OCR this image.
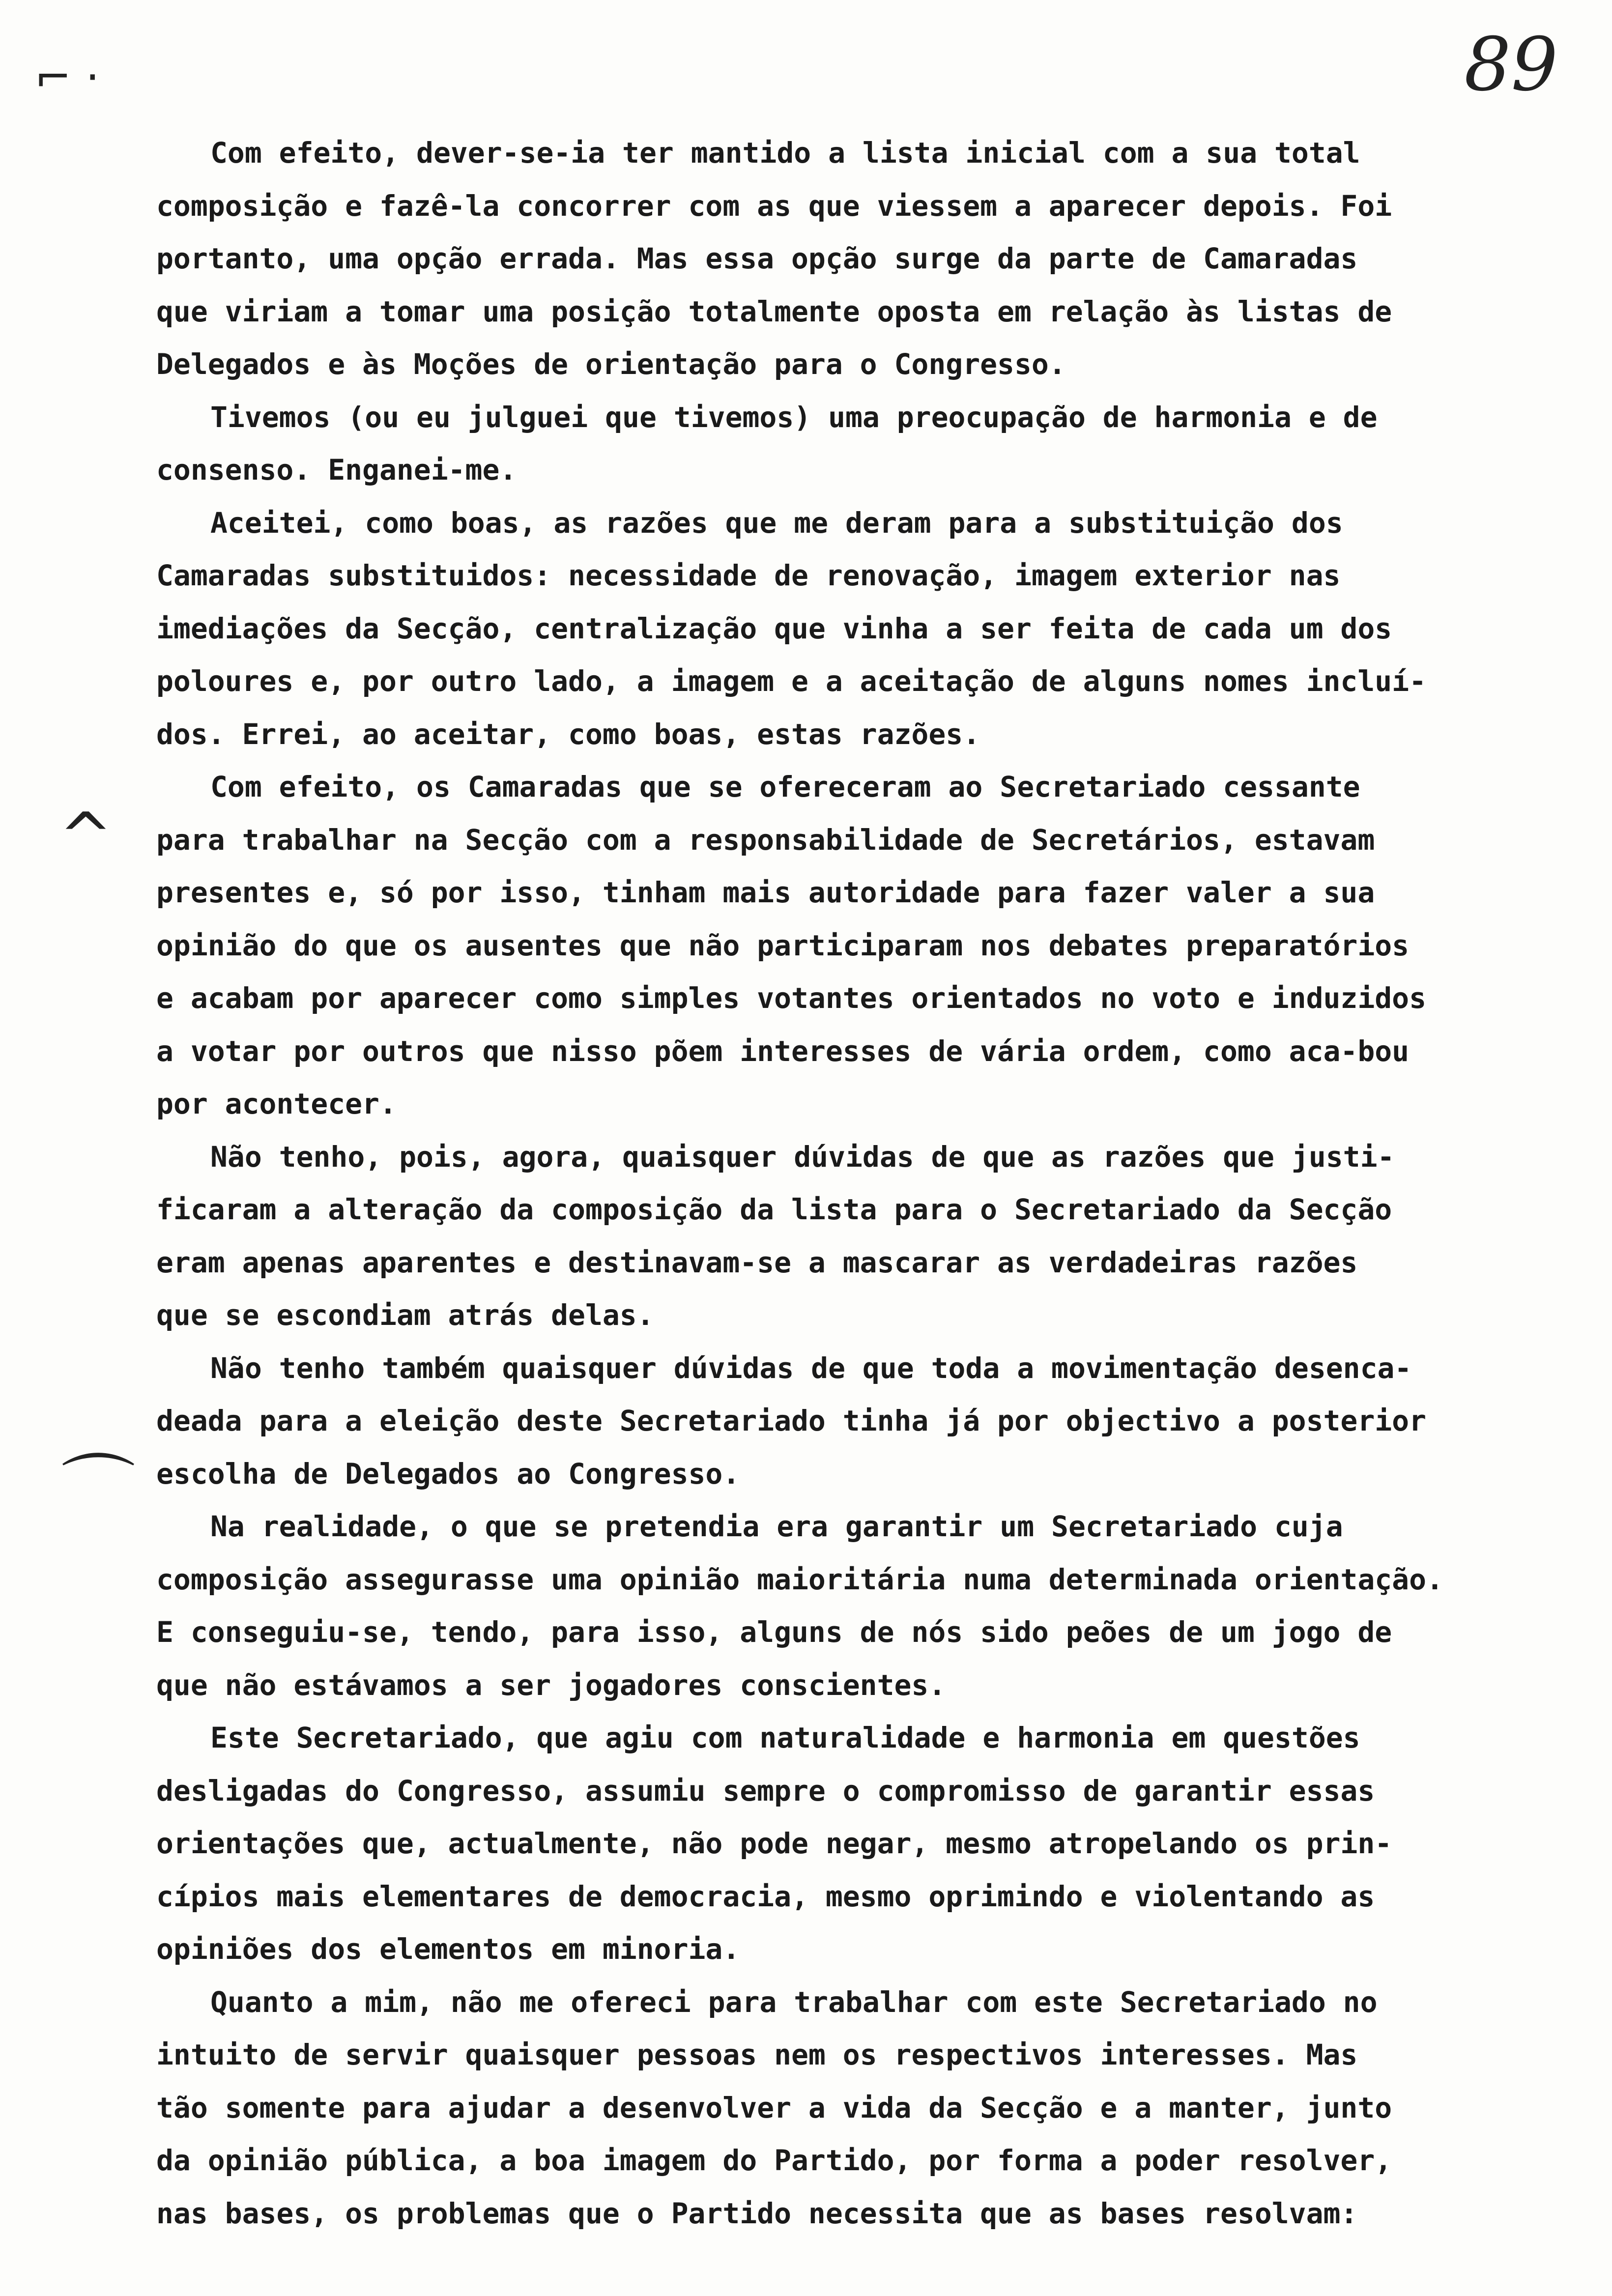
89
⌐ ·
^
⌒
Com efeito, dever-se-ia ter mantido a lista inicial com a sua total
composição e fazê-la concorrer com as que viessem a aparecer depois. Foi
portanto, uma opção errada. Mas essa opção surge da parte de Camaradas
que viriam a tomar uma posição totalmente oposta em relação às listas de
Delegados e às Moções de orientação para o Congresso.
Tivemos (ou eu julguei que tivemos) uma preocupação de harmonia e de
consenso. Enganei-me.
Aceitei, como boas, as razões que me deram para a substituição dos
Camaradas substituidos: necessidade de renovação, imagem exterior nas
imediações da Secção, centralização que vinha a ser feita de cada um dos
poloures e, por outro lado, a imagem e a aceitação de alguns nomes incluí-
dos. Errei, ao aceitar, como boas, estas razões.
Com efeito, os Camaradas que se ofereceram ao Secretariado cessante
para trabalhar na Secção com a responsabilidade de Secretários, estavam
presentes e, só por isso, tinham mais autoridade para fazer valer a sua
opinião do que os ausentes que não participaram nos debates preparatórios
e acabam por aparecer como simples votantes orientados no voto e induzidos
a votar por outros que nisso põem interesses de vária ordem, como aca-bou
por acontecer.
Não tenho, pois, agora, quaisquer dúvidas de que as razões que justi-
ficaram a alteração da composição da lista para o Secretariado da Secção
eram apenas aparentes e destinavam-se a mascarar as verdadeiras razões
que se escondiam atrás delas.
Não tenho também quaisquer dúvidas de que toda a movimentação desenca-
deada para a eleição deste Secretariado tinha já por objectivo a posterior
escolha de Delegados ao Congresso.
Na realidade, o que se pretendia era garantir um Secretariado cuja
composição assegurasse uma opinião maioritária numa determinada orientação.
E conseguiu-se, tendo, para isso, alguns de nós sido peões de um jogo de
que não estávamos a ser jogadores conscientes.
Este Secretariado, que agiu com naturalidade e harmonia em questões
desligadas do Congresso, assumiu sempre o compromisso de garantir essas
orientações que, actualmente, não pode negar, mesmo atropelando os prin-
cípios mais elementares de democracia, mesmo oprimindo e violentando as
opiniões dos elementos em minoria.
Quanto a mim, não me ofereci para trabalhar com este Secretariado no
intuito de servir quaisquer pessoas nem os respectivos interesses. Mas
tão somente para ajudar a desenvolver a vida da Secção e a manter, junto
da opinião pública, a boa imagem do Partido, por forma a poder resolver,
nas bases, os problemas que o Partido necessita que as bases resolvam:
